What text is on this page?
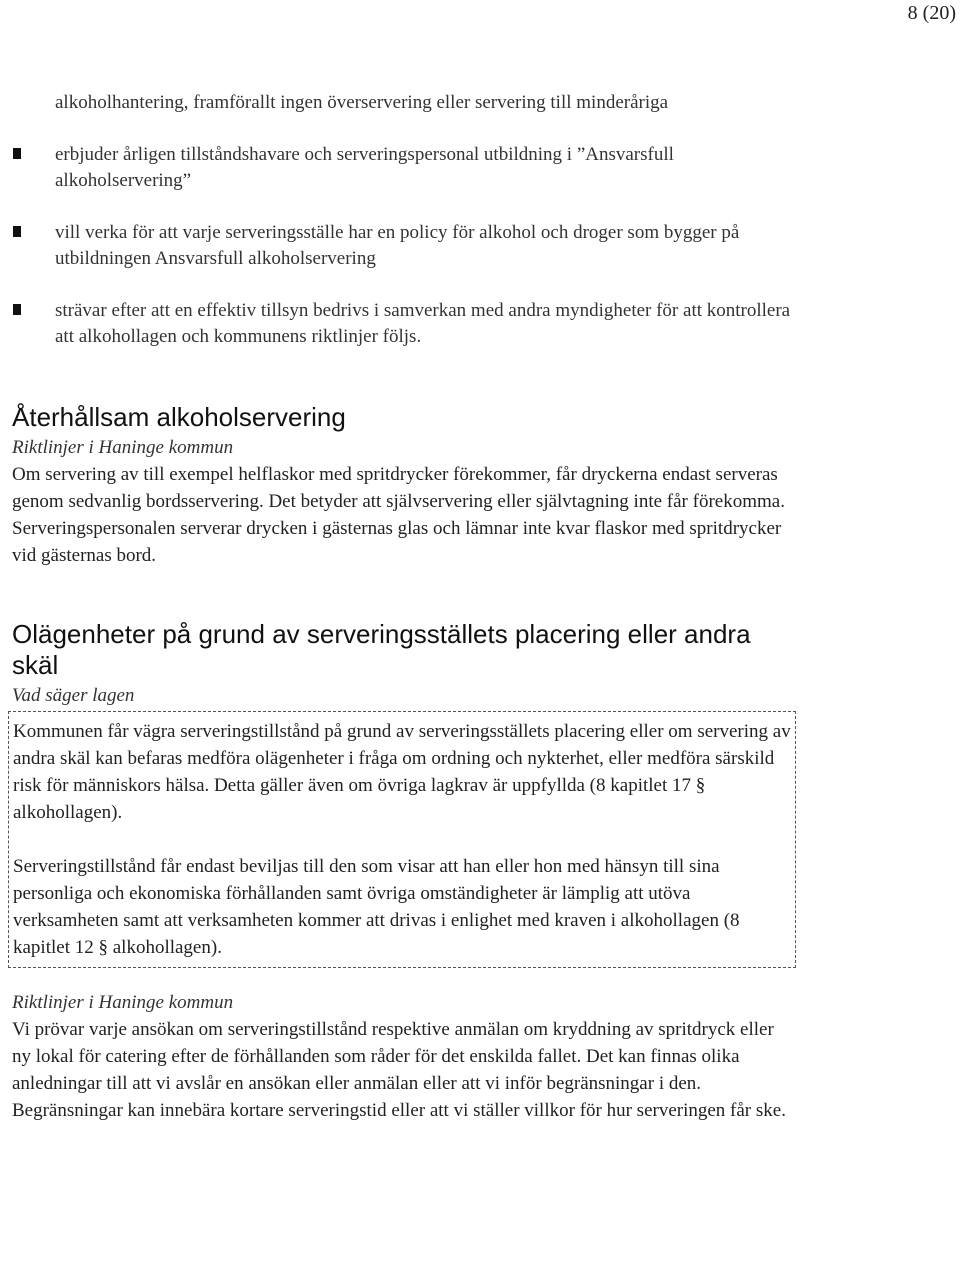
8 (20)

alkoholhantering, framförallt ingen överservering eller servering till minderåriga

erbjuder årligen tillståndshavare och serveringspersonal utbildning i ”Ansvarsfull alkoholservering”
vill verka för att varje serveringsställe har en policy för alkohol och droger som bygger på utbildningen Ansvarsfull alkoholservering
strävar efter att en effektiv tillsyn bedrivs i samverkan med andra myndigheter för att kontrollera att alkohollagen och kommunens riktlinjer följs.
Återhållsam alkoholservering

Riktlinjer i Haninge kommun

Om servering av till exempel helflaskor med spritdrycker förekommer, får dryckerna endast serveras genom sedvanlig bordsservering. Det betyder att självservering eller självtagning inte får förekomma. Serveringspersonalen serverar drycken i gästernas glas och lämnar inte kvar flaskor med spritdrycker vid gästernas bord.

Olägenheter på grund av serveringsställets placering eller andra skäl

Vad säger lagen

Kommunen får vägra serveringstillstånd på grund av serveringsställets placering eller om servering av andra skäl kan befaras medföra olägenheter i fråga om ordning och nykterhet, eller medföra särskild risk för människors hälsa. Detta gäller även om övriga lagkrav är uppfyllda (8 kapitlet 17 § alkohollagen).

Serveringstillstånd får endast beviljas till den som visar att han eller hon med hänsyn till sina personliga och ekonomiska förhållanden samt övriga omständigheter är lämplig att utöva verksamheten samt att verksamheten kommer att drivas i enlighet med kraven i alkohollagen (8 kapitlet 12 § alkohollagen).

Riktlinjer i Haninge kommun

Vi prövar varje ansökan om serveringstillstånd respektive anmälan om kryddning av spritdryck eller ny lokal för catering efter de förhållanden som råder för det enskilda fallet. Det kan finnas olika anledningar till att vi avslår en ansökan eller anmälan eller att vi inför begränsningar i den. Begränsningar kan innebära kortare serveringstid eller att vi ställer villkor för hur serveringen får ske.
